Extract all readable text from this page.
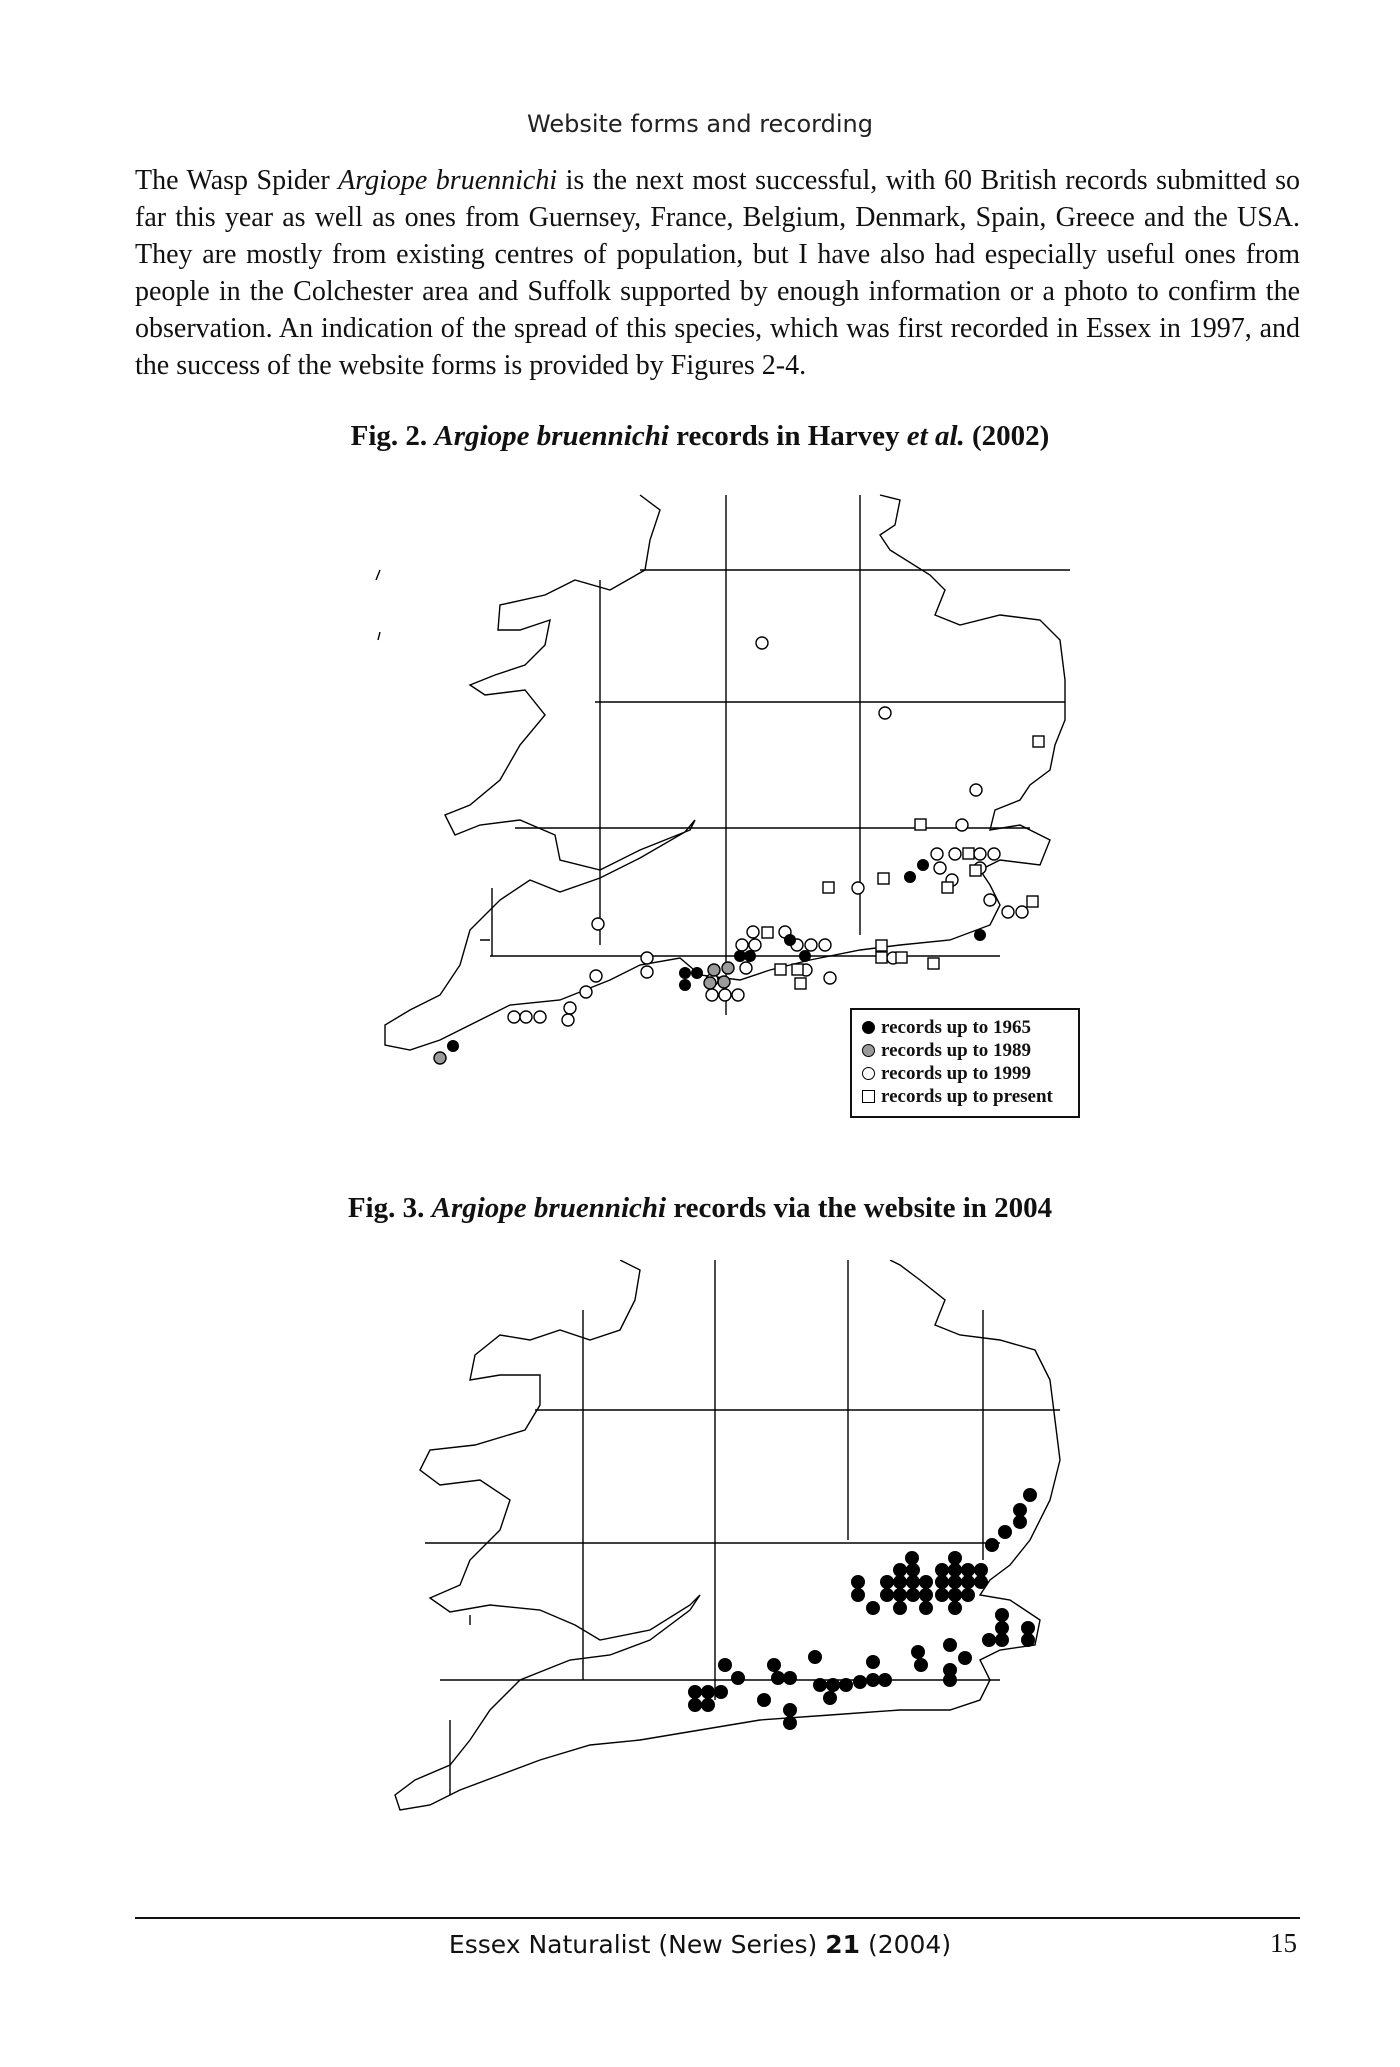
Website forms and recording
The Wasp Spider Argiope bruennichi is the next most successful, with 60 British records submitted so far this year as well as ones from Guernsey, France, Belgium, Denmark, Spain, Greece and the USA. They are mostly from existing centres of population, but I have also had especially useful ones from people in the Colchester area and Suffolk supported by enough information or a photo to confirm the observation. An indication of the spread of this species, which was first recorded in Essex in 1997, and the success of the website forms is provided by Figures 2-4.
Fig. 2. Argiope bruennichi records in Harvey et al. (2002)
records up to 1965
records up to 1989
records up to 1999
records up to present
Fig. 3. Argiope bruennichi records via the website in 2004
Essex Naturalist (New Series) 21 (2004)	15
